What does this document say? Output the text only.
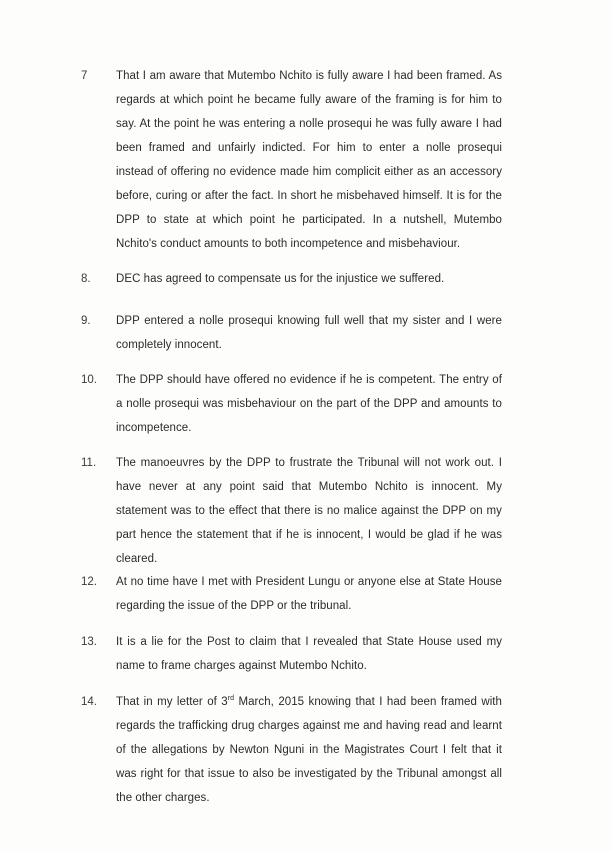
7 That I am aware that Mutembo Nchito is fully aware I had been framed. As regards at which point he became fully aware of the framing is for him to say. At the point he was entering a nolle prosequi he was fully aware I had been framed and unfairly indicted. For him to enter a nolle prosequi instead of offering no evidence made him complicit either as an accessory before, curing or after the fact. In short he misbehaved himself. It is for the DPP to state at which point he participated. In a nutshell, Mutembo Nchito's conduct amounts to both incompetence and misbehaviour.
8. DEC has agreed to compensate us for the injustice we suffered.
9. DPP entered a nolle prosequi knowing full well that my sister and I were completely innocent.
10. The DPP should have offered no evidence if he is competent. The entry of a nolle prosequi was misbehaviour on the part of the DPP and amounts to incompetence.
11. The manoeuvres by the DPP to frustrate the Tribunal will not work out. I have never at any point said that Mutembo Nchito is innocent. My statement was to the effect that there is no malice against the DPP on my part hence the statement that if he is innocent, I would be glad if he was cleared.
12. At no time have I met with President Lungu or anyone else at State House regarding the issue of the DPP or the tribunal.
13. It is a lie for the Post to claim that I revealed that State House used my name to frame charges against Mutembo Nchito.
14. That in my letter of 3rd March, 2015 knowing that I had been framed with regards the trafficking drug charges against me and having read and learnt of the allegations by Newton Nguni in the Magistrates Court I felt that it was right for that issue to also be investigated by the Tribunal amongst all the other charges.
